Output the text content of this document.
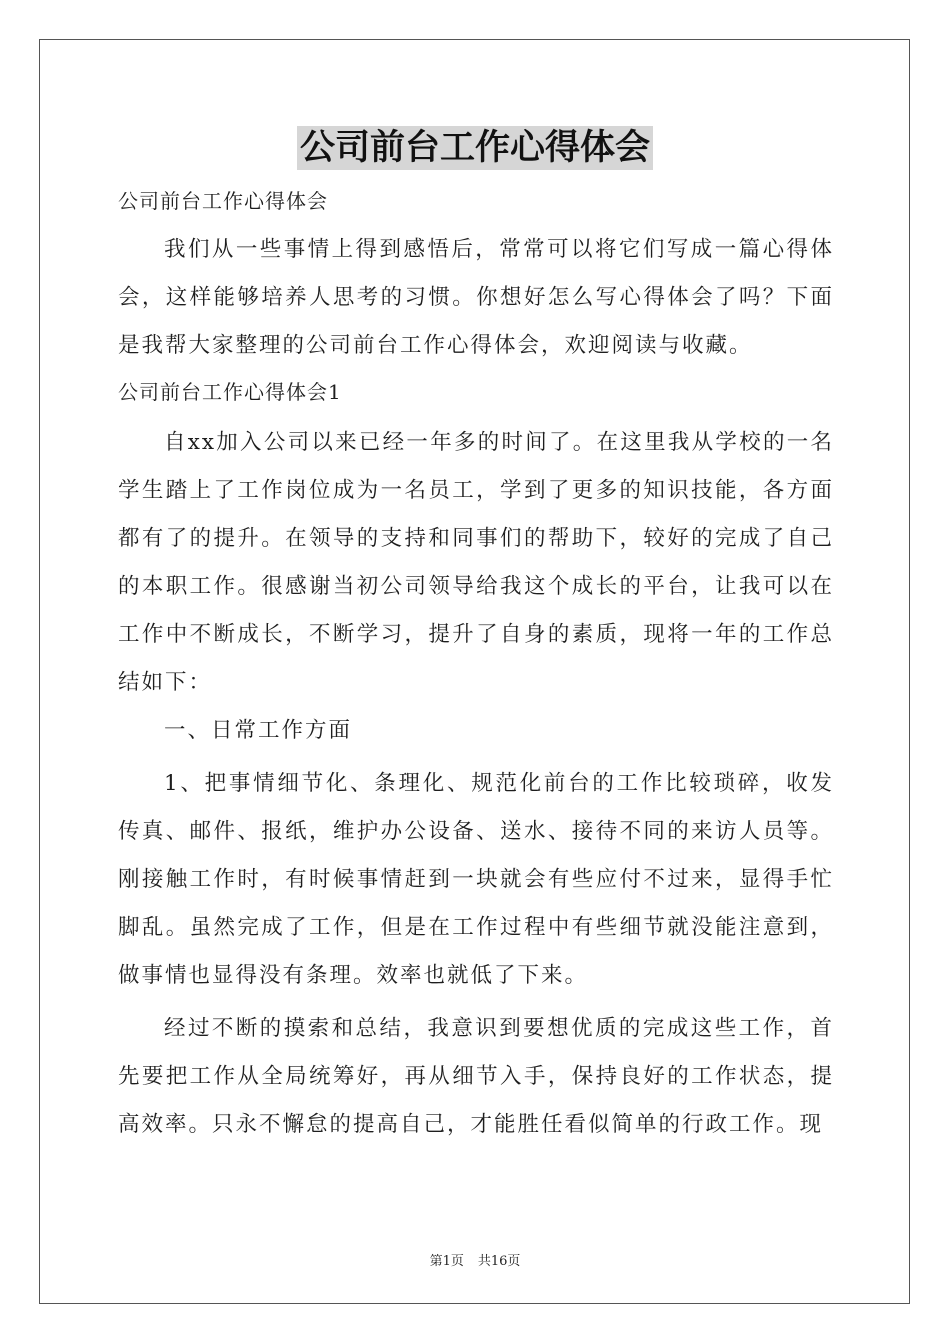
公司前台工作心得体会

公司前台工作心得体会

我们从一些事情上得到感悟后，常常可以将它们写成一篇心得体会，这样能够培养人思考的习惯。你想好怎么写心得体会了吗？下面是我帮大家整理的公司前台工作心得体会，欢迎阅读与收藏。

公司前台工作心得体会1

自xx加入公司以来已经一年多的时间了。在这里我从学校的一名学生踏上了工作岗位成为一名员工，学到了更多的知识技能，各方面都有了的提升。在领导的支持和同事们的帮助下，较好的完成了自己的本职工作。很感谢当初公司领导给我这个成长的平台，让我可以在工作中不断成长，不断学习，提升了自身的素质，现将一年的工作总结如下：

一、日常工作方面

1、把事情细节化、条理化、规范化前台的工作比较琐碎，收发传真、邮件、报纸，维护办公设备、送水、接待不同的来访人员等。刚接触工作时，有时候事情赶到一块就会有些应付不过来，显得手忙脚乱。虽然完成了工作，但是在工作过程中有些细节就没能注意到，做事情也显得没有条理。效率也就低了下来。

经过不断的摸索和总结，我意识到要想优质的完成这些工作，首先要把工作从全局统筹好，再从细节入手，保持良好的工作状态，提高效率。只永不懈怠的提高自己，才能胜任看似简单的行政工作。现

第1页 共16页
